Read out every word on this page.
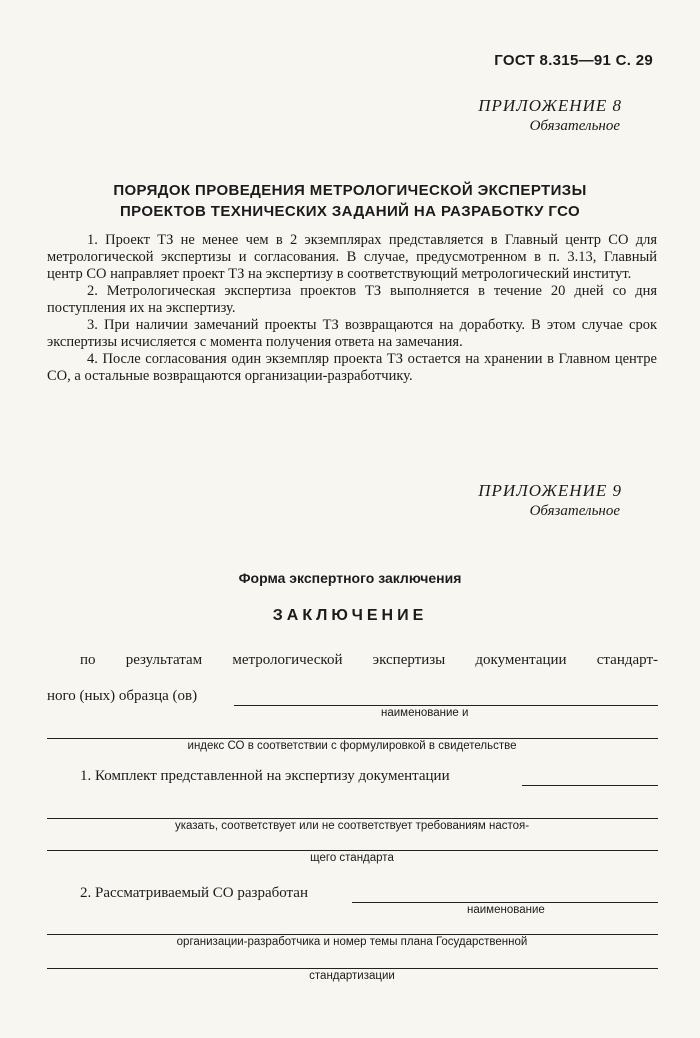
ГОСТ 8.315—91 С. 29
ПРИЛОЖЕНИЕ 8
Обязательное
ПОРЯДОК ПРОВЕДЕНИЯ МЕТРОЛОГИЧЕСКОЙ ЭКСПЕРТИЗЫ
ПРОЕКТОВ ТЕХНИЧЕСКИХ ЗАДАНИЙ НА РАЗРАБОТКУ ГСО

1. Проект ТЗ не менее чем в 2 экземплярах представляется в Главный центр СО для метрологической экспертизы и согласования. В случае, предусмотренном в п. 3.13, Главный центр СО направляет проект ТЗ на экспертизу в соответствующий метрологический институт.

2. Метрологическая экспертиза проектов ТЗ выполняется в течение 20 дней со дня поступления их на экспертизу.

3. При наличии замечаний проекты ТЗ возвращаются на доработку. В этом случае срок экспертизы исчисляется с момента получения ответа на замечания.

4. После согласования один экземпляр проекта ТЗ остается на хранении в Главном центре СО, а остальные возвращаются организации-разработчику.

ПРИЛОЖЕНИЕ 9
Обязательное
Форма экспертного заключения
ЗАКЛЮЧЕНИЕ
по результатам метрологической экспертизы документации стандарт-
ного (ных) образца (ов)
наименование и
индекс СО в соответствии с формулировкой в свидетельстве
1. Комплект представленной на экспертизу документации
указать, соответствует или не соответствует требованиям настоя-
щего стандарта
2. Рассматриваемый СО разработан
наименование
организации-разработчика и номер темы плана Государственной
стандартизации
